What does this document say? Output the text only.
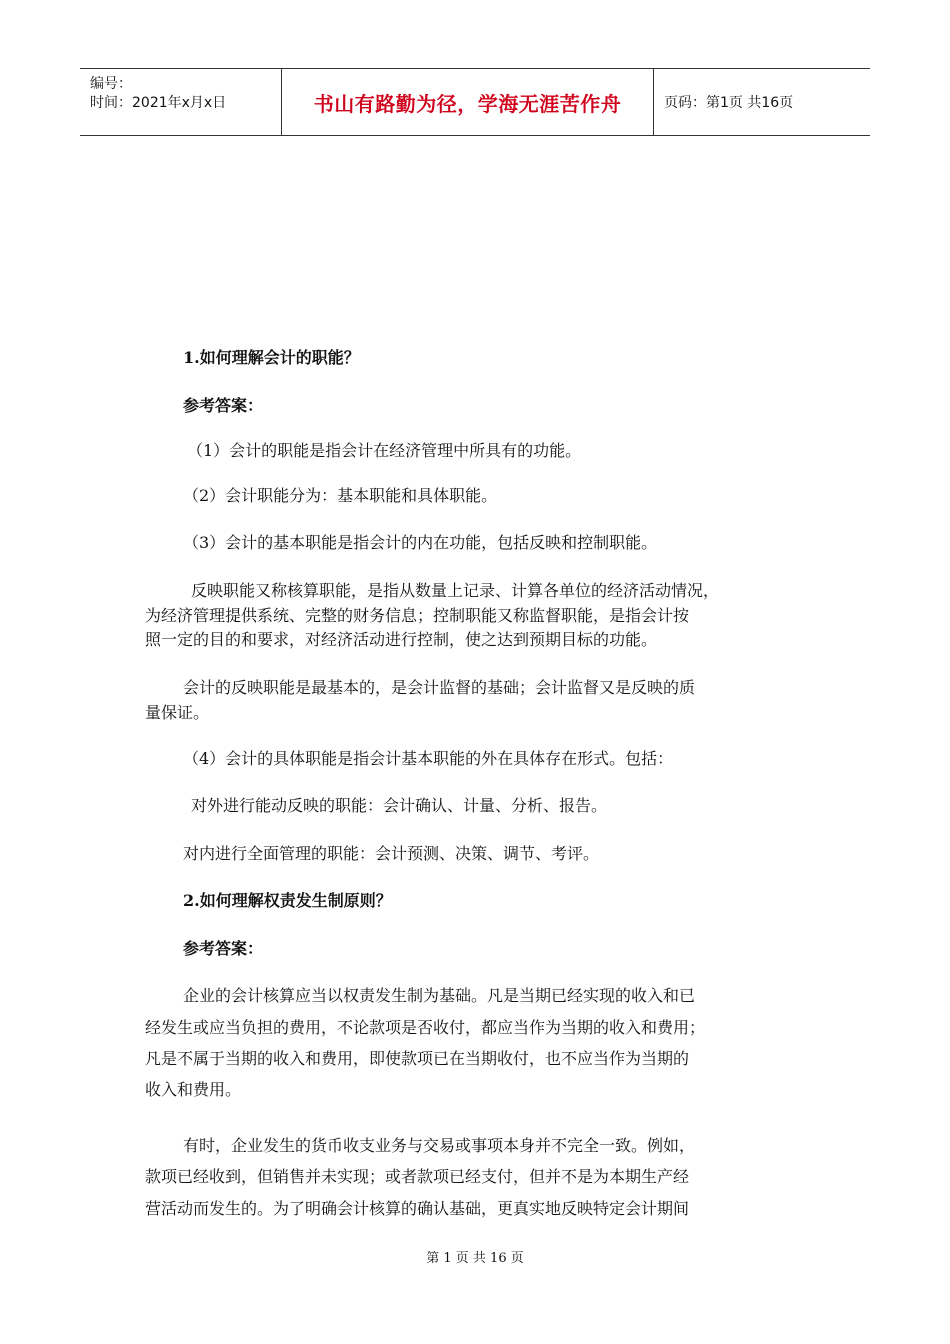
编号：
时间：2021年x月x日	书山有路勤为径，学海无涯苦作舟	页码：第1页 共16页
1.如何理解会计的职能？
参考答案：
（1）会计的职能是指会计在经济管理中所具有的功能。
（2）会计职能分为：基本职能和具体职能。
（3）会计的基本职能是指会计的内在功能，包括反映和控制职能。
反映职能又称核算职能，是指从数量上记录、计算各单位的经济活动情况，
为经济管理提供系统、完整的财务信息；控制职能又称监督职能，是指会计按
照一定的目的和要求，对经济活动进行控制，使之达到预期目标的功能。
会计的反映职能是最基本的，是会计监督的基础；会计监督又是反映的质
量保证。
（4）会计的具体职能是指会计基本职能的外在具体存在形式。包括：
对外进行能动反映的职能：会计确认、计量、分析、报告。
对内进行全面管理的职能：会计预测、决策、调节、考评。
2.如何理解权责发生制原则？
参考答案：
企业的会计核算应当以权责发生制为基础。凡是当期已经实现的收入和已
经发生或应当负担的费用，不论款项是否收付，都应当作为当期的收入和费用；
凡是不属于当期的收入和费用，即使款项已在当期收付，也不应当作为当期的
收入和费用。
有时，企业发生的货币收支业务与交易或事项本身并不完全一致。例如，
款项已经收到，但销售并未实现；或者款项已经支付，但并不是为本期生产经
营活动而发生的。为了明确会计核算的确认基础，更真实地反映特定会计期间
第 1 页 共 16 页
